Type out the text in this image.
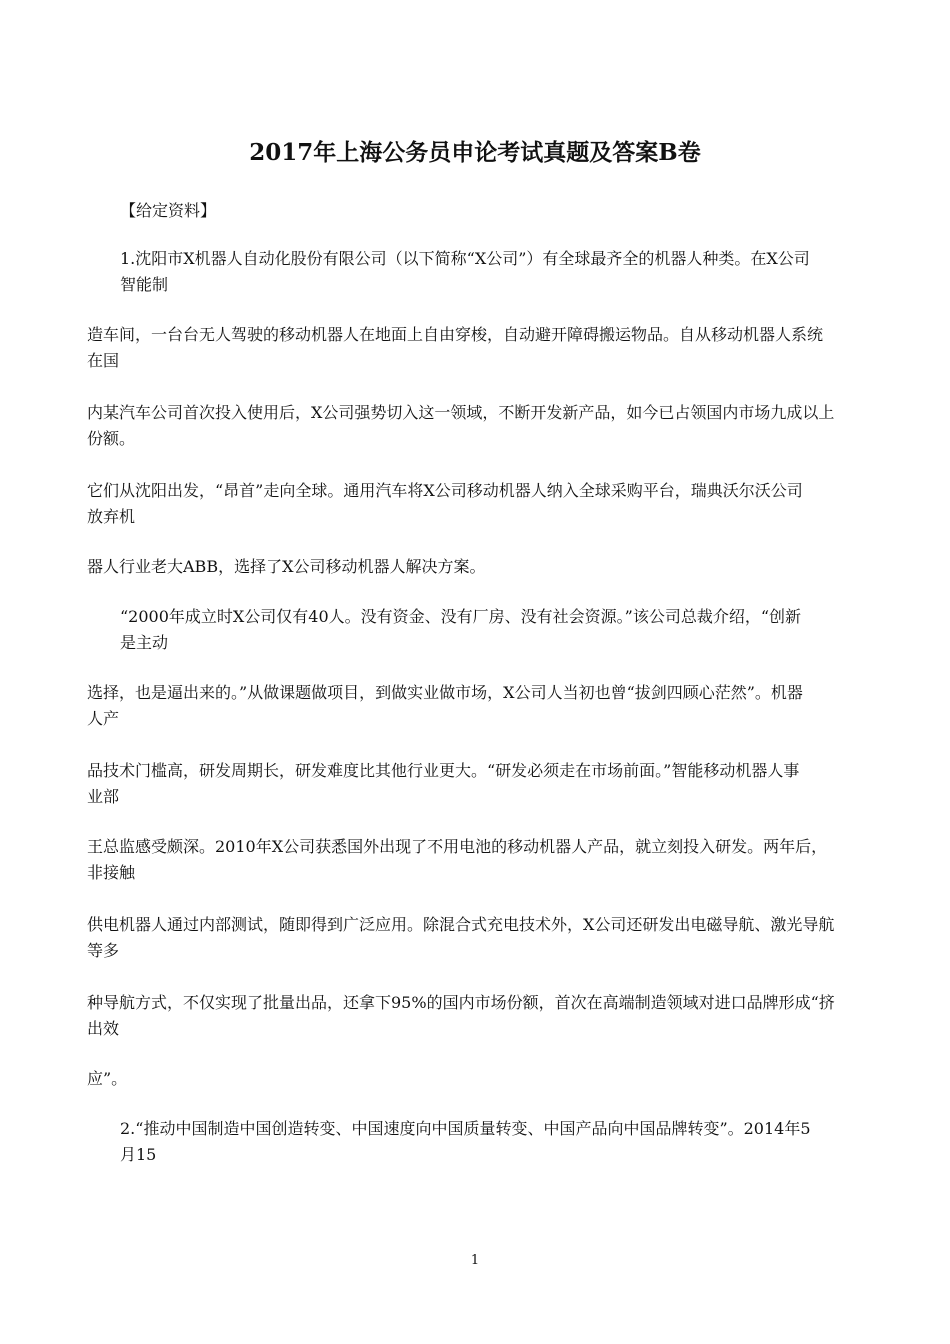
2017年上海公务员申论考试真题及答案B卷
【给定资料】
1.沈阳市X机器人自动化股份有限公司（以下简称“X公司”）有全球最齐全的机器人种类。在X公司
智能制
造车间，一台台无人驾驶的移动机器人在地面上自由穿梭，自动避开障碍搬运物品。自从移动机器人系统
在国
内某汽车公司首次投入使用后，X公司强势切入这一领域，不断开发新产品，如今已占领国内市场九成以上
份额。
它们从沈阳出发，“昂首”走向全球。通用汽车将X公司移动机器人纳入全球采购平台，瑞典沃尔沃公司
放弃机
器人行业老大ABB，选择了X公司移动机器人解决方案。
“2000年成立时X公司仅有40人。没有资金、没有厂房、没有社会资源。”该公司总裁介绍，“创新
是主动
选择，也是逼出来的。”从做课题做项目，到做实业做市场，X公司人当初也曾“拔剑四顾心茫然”。机器
人产
品技术门槛高，研发周期长，研发难度比其他行业更大。“研发必须走在市场前面。”智能移动机器人事
业部
王总监感受颇深。2010年X公司获悉国外出现了不用电池的移动机器人产品，就立刻投入研发。两年后，
非接触
供电机器人通过内部测试，随即得到广泛应用。除混合式充电技术外，X公司还研发出电磁导航、激光导航
等多
种导航方式，不仅实现了批量出品，还拿下95%的国内市场份额，首次在高端制造领域对进口品牌形成“挤
出效
应”。
2.“推动中国制造中国创造转变、中国速度向中国质量转变、中国产品向中国品牌转变”。2014年5
月15
1
